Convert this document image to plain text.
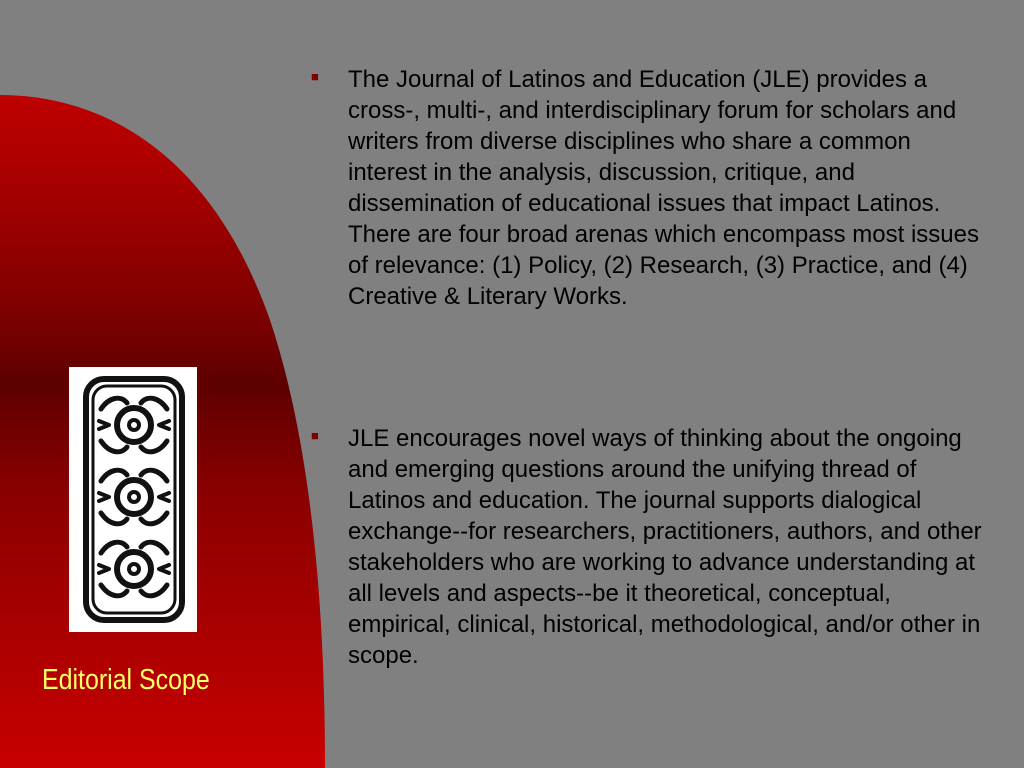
Editorial Scope
■ The Journal of Latinos and Education (JLE) provides a cross-, multi-, and interdisciplinary forum for scholars and writers from diverse disciplines who share a common interest in the analysis, discussion, critique, and dissemination of educational issues that impact Latinos. There are four broad arenas which encompass most issues of relevance: (1) Policy, (2) Research, (3) Practice, and (4) Creative & Literary Works.
■ JLE encourages novel ways of thinking about the ongoing and emerging questions around the unifying thread of Latinos and education. The journal supports dialogical exchange--for researchers, practitioners, authors, and other stakeholders who are working to advance understanding at all levels and aspects--be it theoretical, conceptual, empirical, clinical, historical, methodological, and/or other in scope.
